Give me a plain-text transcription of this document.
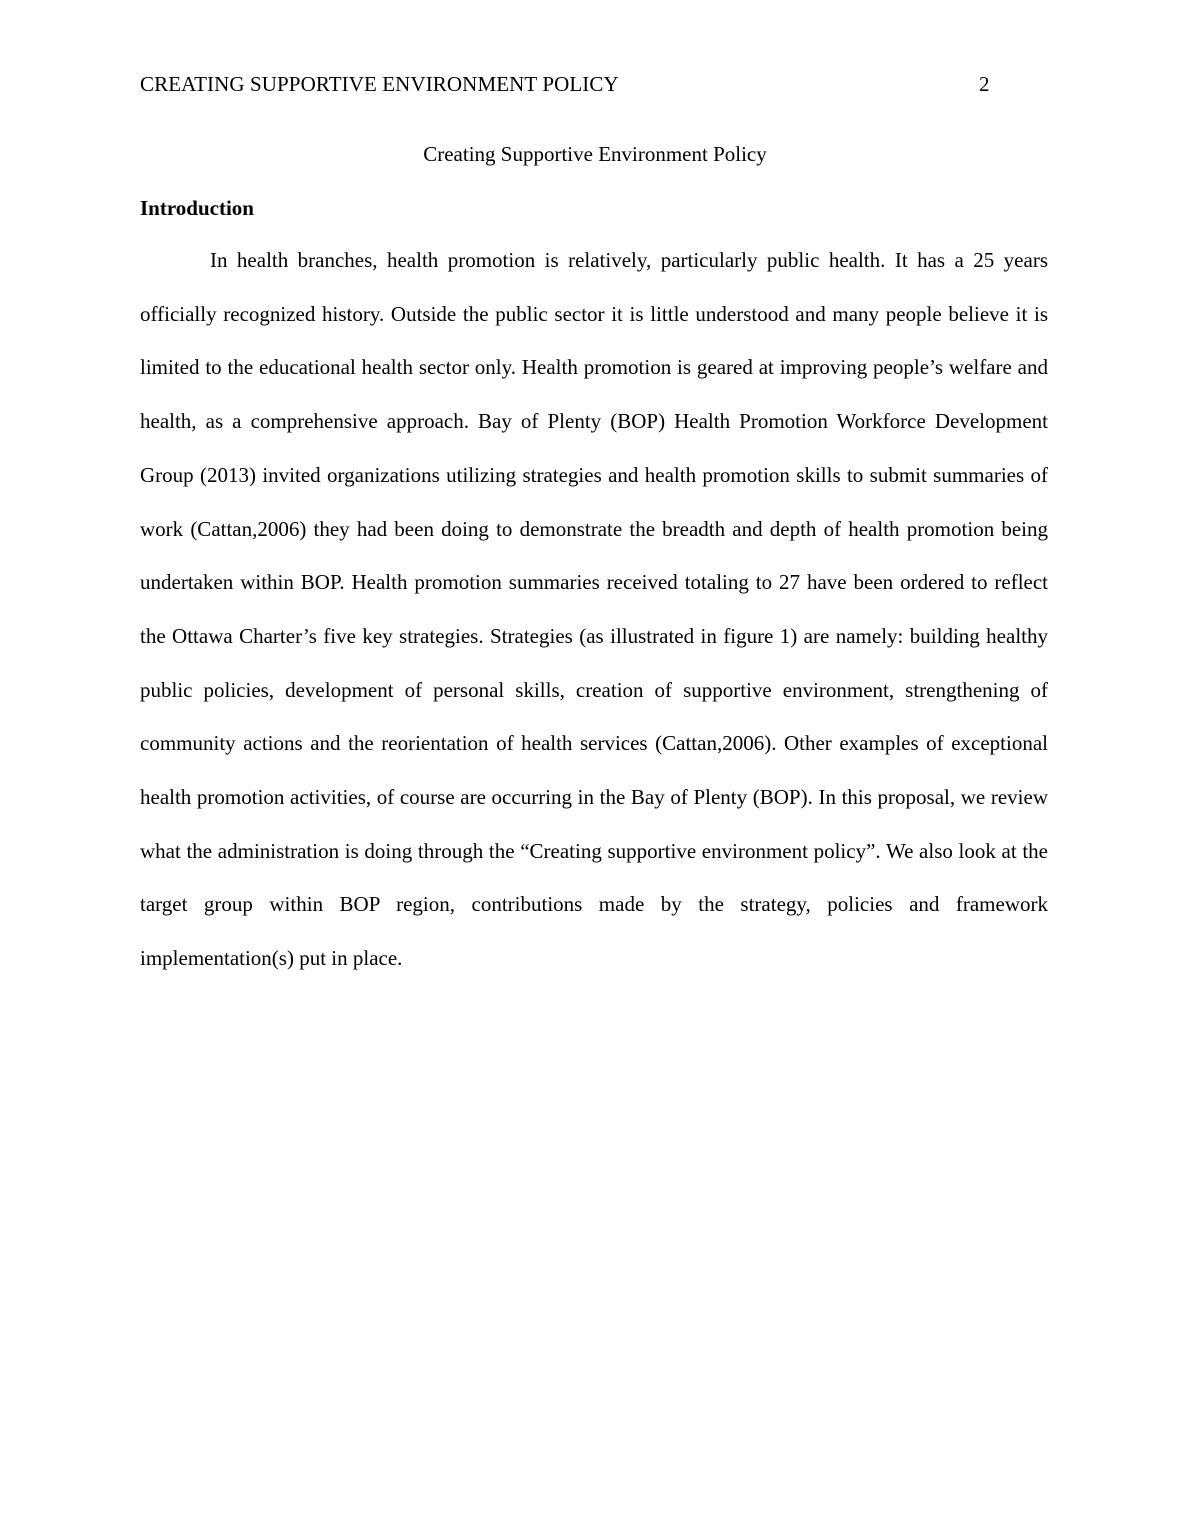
CREATING SUPPORTIVE ENVIRONMENT POLICY	2
Creating Supportive Environment Policy
Introduction

In health branches, health promotion is relatively, particularly public health. It has a 25 years officially recognized history. Outside the public sector it is little understood and many people believe it is limited to the educational health sector only. Health promotion is geared at improving people’s welfare and health, as a comprehensive approach. Bay of Plenty (BOP) Health Promotion Workforce Development Group (2013) invited organizations utilizing strategies and health promotion skills to submit summaries of work (Cattan,2006) they had been doing to demonstrate the breadth and depth of health promotion being undertaken within BOP. Health promotion summaries received totaling to 27 have been ordered to reflect the Ottawa Charter’s five key strategies. Strategies (as illustrated in figure 1) are namely: building healthy public policies, development of personal skills, creation of supportive environment, strengthening of community actions and the reorientation of health services (Cattan,2006). Other examples of exceptional health promotion activities, of course are occurring in the Bay of Plenty (BOP). In this proposal, we review what the administration is doing through the “Creating supportive environment policy”. We also look at the target group within BOP region, contributions made by the strategy, policies and framework implementation(s) put in place.
